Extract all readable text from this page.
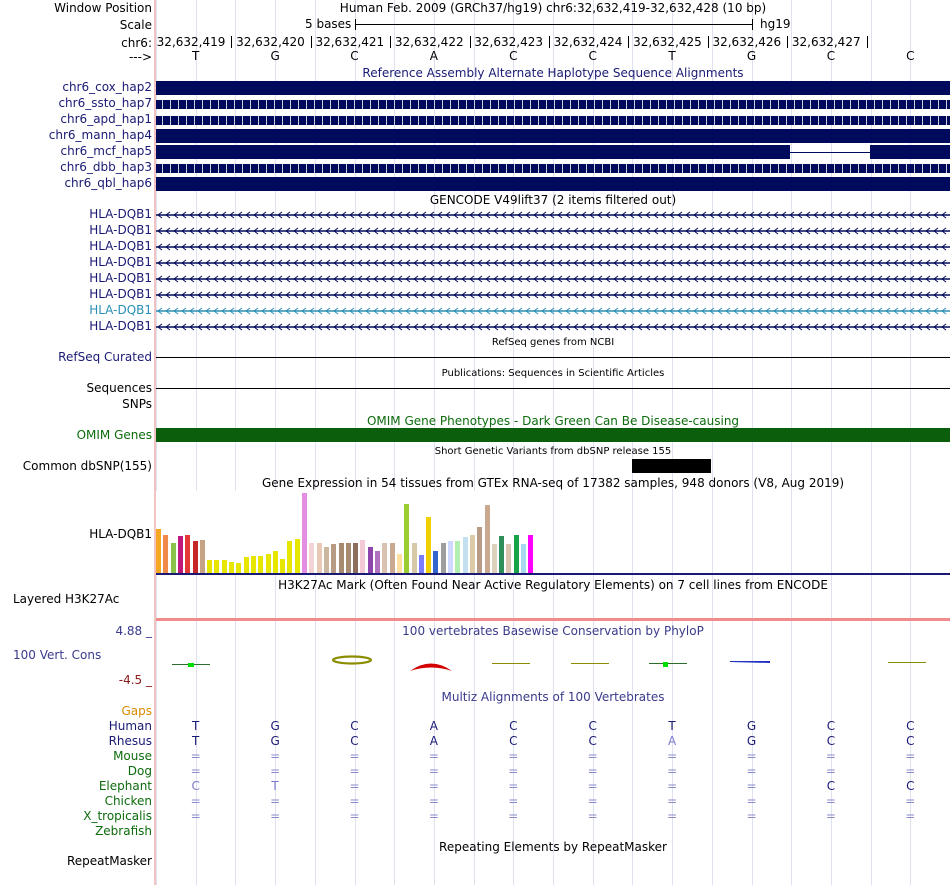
Window Position	Human Feb. 2009 (GRCh37/hg19) chr6:32,632,419-32,632,428 (10 bp)
Scale	5 bases	hg19
chr6: 32,632,419 32,632,420 32,632,421 32,632,422 32,632,423 32,632,424 32,632,425 32,632,426 32,632,427
--->	T	G	C	A	C	C	T	G	C	C
Reference Assembly Alternate Haplotype Sequence Alignments
chr6_cox_hap2
chr6_ssto_hap7
chr6_apd_hap1
chr6_mann_hap4
chr6_mcf_hap5
chr6_dbb_hap3
chr6_qbl_hap6
GENCODE V49lift37 (2 items filtered out)
HLA-DQB1
HLA-DQB1
HLA-DQB1
HLA-DQB1
HLA-DQB1
HLA-DQB1
HLA-DQB1
HLA-DQB1
RefSeq genes from NCBI
RefSeq Curated
Publications: Sequences in Scientific Articles
Sequences
SNPs
OMIM Gene Phenotypes - Dark Green Can Be Disease-causing
OMIM Genes
Short Genetic Variants from dbSNP release 155
Common dbSNP(155)
Gene Expression in 54 tissues from GTEx RNA-seq of 17382 samples, 948 donors (V8, Aug 2019)
HLA-DQB1
H3K27Ac Mark (Often Found Near Active Regulatory Elements) on 7 cell lines from ENCODE
Layered H3K27Ac
100 vertebrates Basewise Conservation by PhyloP
4.88 _
100 Vert. Cons
-4.5 _
Multiz Alignments of 100 Vertebrates
Gaps
Human	T	G	C	A	C	C	T	G	C	C
Rhesus	T	G	C	A	C	C	A	G	C	C
Mouse	=	=	=	=	=	=	=	=	=	=
Dog	=	=	=	=	=	=	=	=	=	=
Elephant	C	T	=	=	=	=	=	=	C	C
Chicken	=	=	=	=	=	=	=	=	=	=
X_tropicalis	=	=	=	=	=	=	=	=	=	=
Zebrafish
Repeating Elements by RepeatMasker
RepeatMasker
